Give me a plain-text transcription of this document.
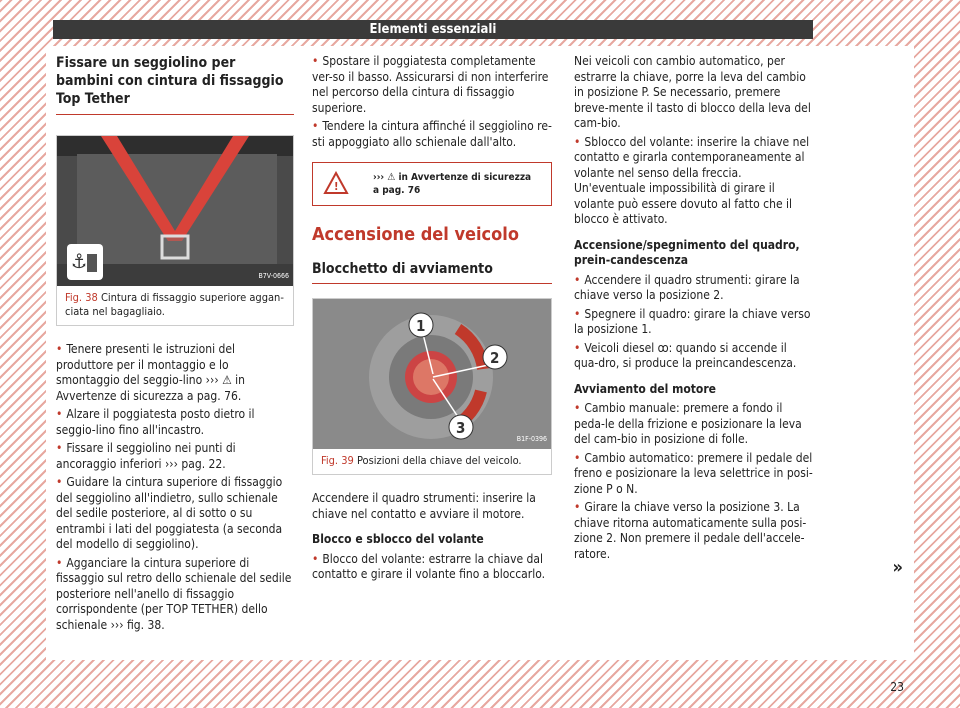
Elementi essenziali
Fissare un seggiolino per bambini con cintura di fissaggio Top Tether
⚓
B7V-0666
Fig. 38 Cintura di fissaggio superiore aggan-ciata nel bagagliaio.

• Tenere presenti le istruzioni del produttore per il montaggio e lo smontaggio del seggio-lino ››› ⚠ in Avvertenze di sicurezza a pag. 76.

• Alzare il poggiatesta posto dietro il seggio-lino fino all'incastro.

• Fissare il seggiolino nei punti di ancoraggio inferiori ››› pag. 22.

• Guidare la cintura superiore di fissaggio del seggiolino all'indietro, sullo schienale del sedile posteriore, al di sotto o su entrambi i lati del poggiatesta (a seconda del modello di seggiolino).

• Agganciare la cintura superiore di fissaggio sul retro dello schienale del sedile posteriore nell'anello di fissaggio corrispondente (per TOP TETHER) dello schienale ››› fig. 38.

• Spostare il poggiatesta completamente ver-so il basso. Assicurarsi di non interferire nel percorso della cintura di fissaggio superiore.

• Tendere la cintura affinché il seggiolino re-sti appoggiato allo schienale dall'alto.

!
››› ⚠ in Avvertenze di sicurezza a pag. 76
Accensione del veicolo
Blocchetto di avviamento
1
2
3
B1F-0396
Fig. 39 Posizioni della chiave del veicolo.

Accendere il quadro strumenti: inserire la chiave nel contatto e avviare il motore.

Blocco e sblocco del volante

• Blocco del volante: estrarre la chiave dal contatto e girare il volante fino a bloccarlo.

Nei veicoli con cambio automatico, per estrarre la chiave, porre la leva del cambio in posizione P. Se necessario, premere breve-mente il tasto di blocco della leva del cam-bio.

• Sblocco del volante: inserire la chiave nel contatto e girarla contemporaneamente al volante nel senso della freccia. Un'eventuale impossibilità di girare il volante può essere dovuto al fatto che il blocco è attivato.

Accensione/spegnimento del quadro, prein-candescenza

• Accendere il quadro strumenti: girare la chiave verso la posizione 2.

• Spegnere il quadro: girare la chiave verso la posizione 1.

• Veicoli diesel ꝏ: quando si accende il qua-dro, si produce la preincandescenza.

Avviamento del motore

• Cambio manuale: premere a fondo il peda-le della frizione e posizionare la leva del cam-bio in posizione di folle.

• Cambio automatico: premere il pedale del freno e posizionare la leva selettrice in posi-zione P o N.

• Girare la chiave verso la posizione 3. La chiave ritorna automaticamente sulla posi-zione 2. Non premere il pedale dell'accele-ratore.

»
23
